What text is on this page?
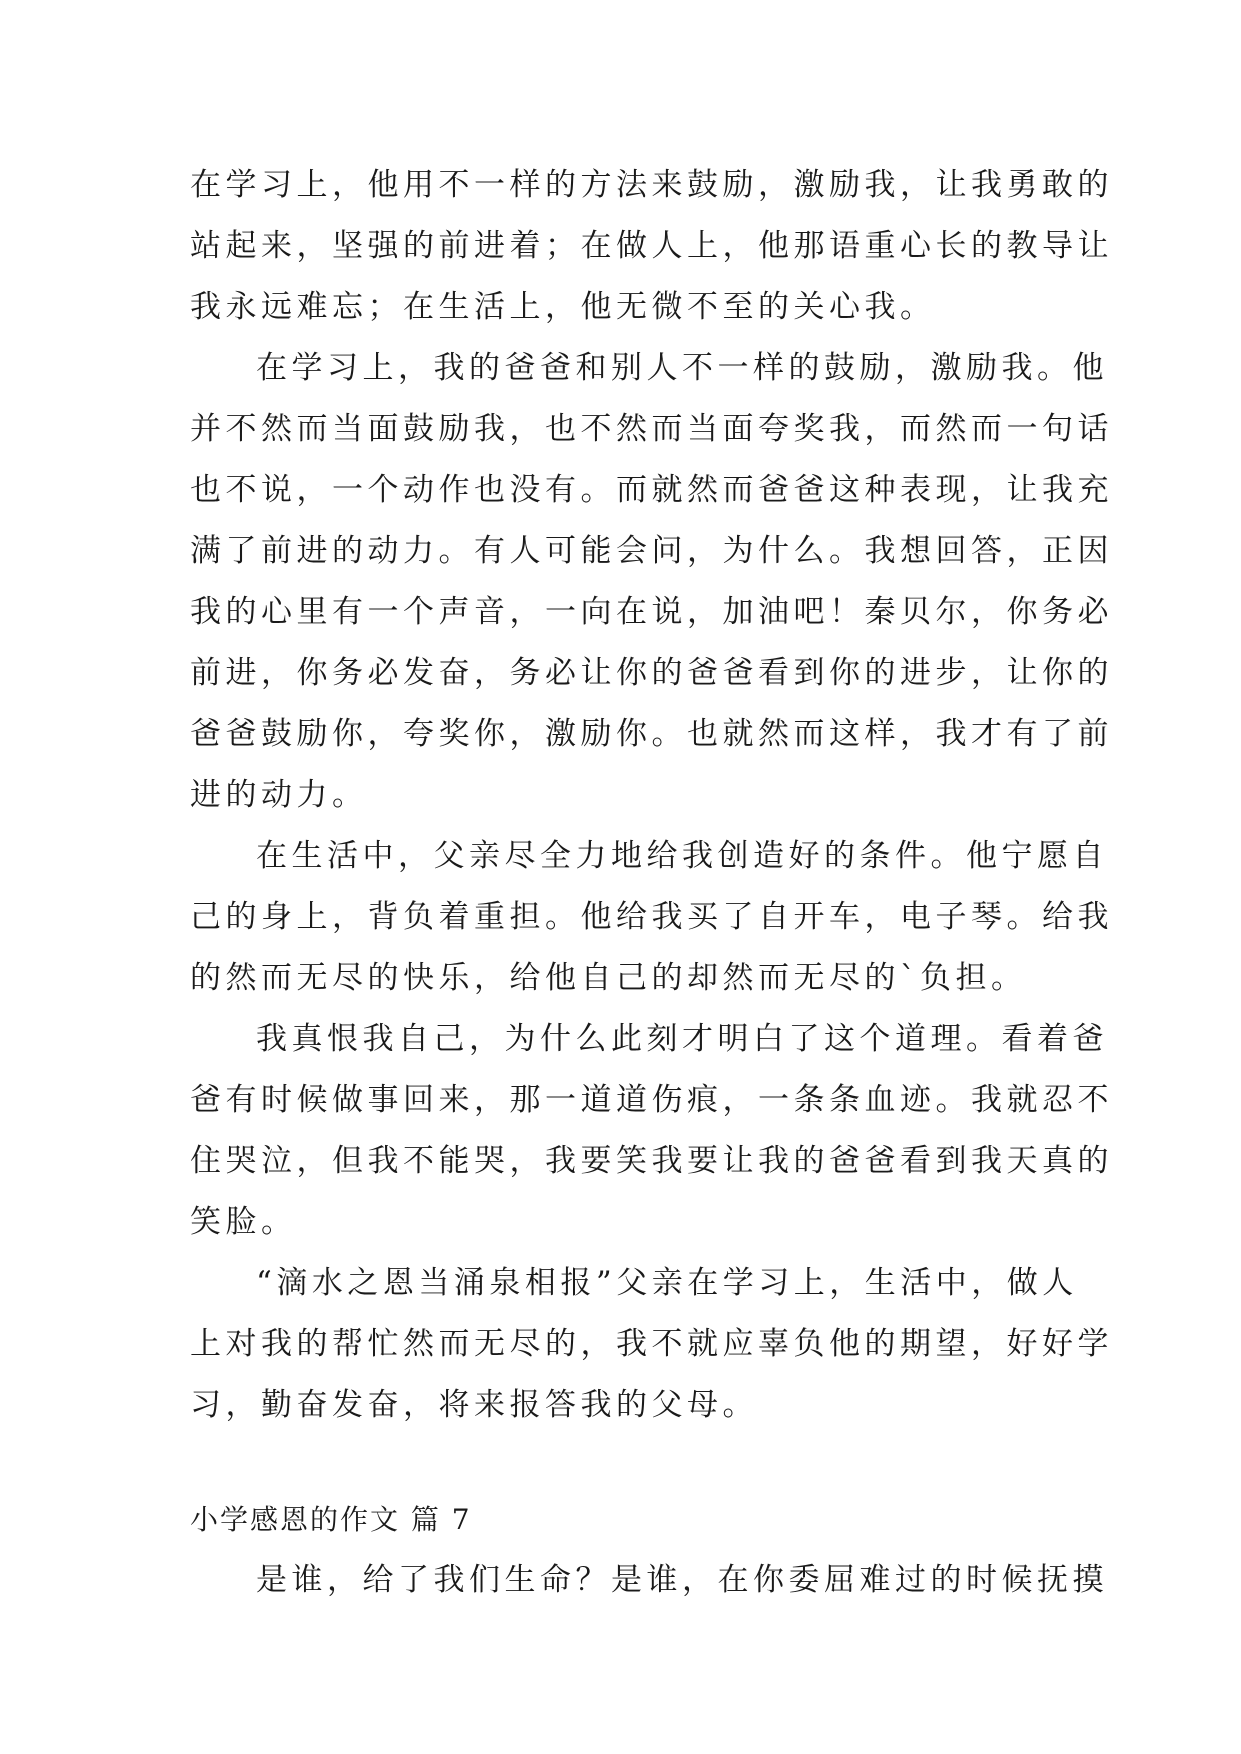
在学习上，他用不一样的方法来鼓励，激励我，让我勇敢的
站起来，坚强的前进着；在做人上，他那语重心长的教导让
我永远难忘；在生活上，他无微不至的关心我。
在学习上，我的爸爸和别人不一样的鼓励，激励我。他
并不然而当面鼓励我，也不然而当面夸奖我，而然而一句话
也不说，一个动作也没有。而就然而爸爸这种表现，让我充
满了前进的动力。有人可能会问，为什么。我想回答，正因
我的心里有一个声音，一向在说，加油吧！秦贝尔，你务必
前进，你务必发奋，务必让你的爸爸看到你的进步，让你的
爸爸鼓励你，夸奖你，激励你。也就然而这样，我才有了前
进的动力。
在生活中，父亲尽全力地给我创造好的条件。他宁愿自
己的身上，背负着重担。他给我买了自开车，电子琴。给我
的然而无尽的快乐，给他自己的却然而无尽的`负担。
我真恨我自己，为什么此刻才明白了这个道理。看着爸
爸有时候做事回来，那一道道伤痕，一条条血迹。我就忍不
住哭泣，但我不能哭，我要笑我要让我的爸爸看到我天真的
笑脸。
“滴水之恩当涌泉相报”父亲在学习上，生活中，做人
上对我的帮忙然而无尽的，我不就应辜负他的期望，好好学
习，勤奋发奋，将来报答我的父母。
小学感恩的作文 篇 7
是谁，给了我们生命？是谁，在你委屈难过的时候抚摸
